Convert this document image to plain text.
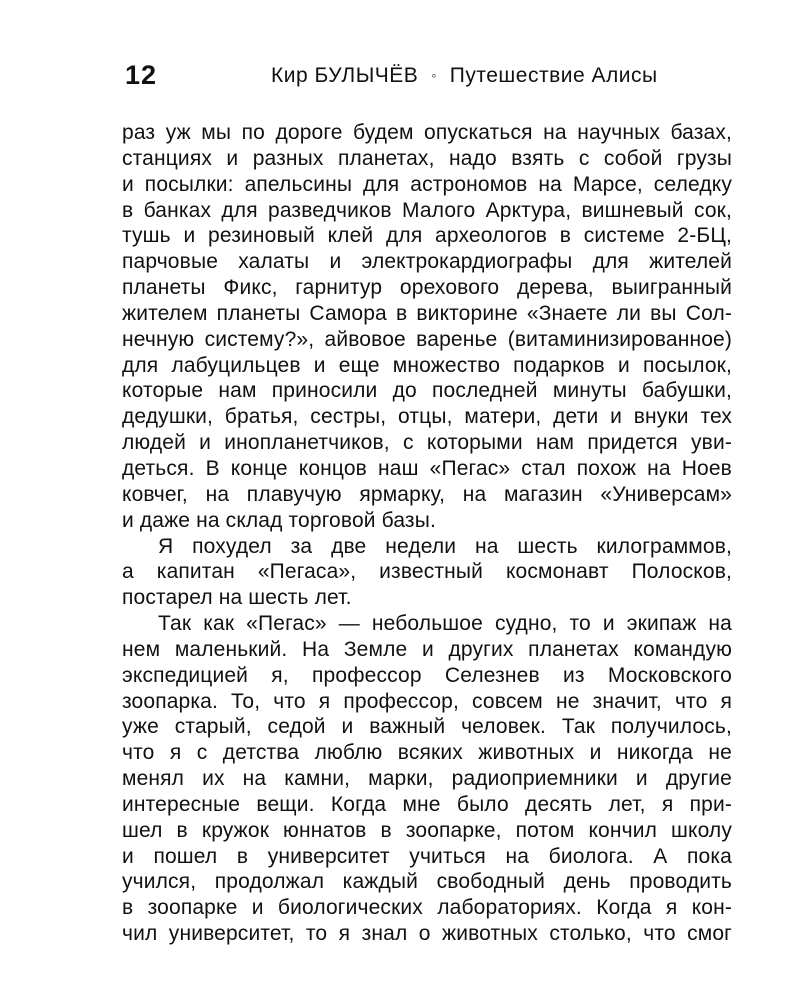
12	Кир БУЛЫЧЁВ ◦ Путешествие Алисы
раз уж мы по дороге будем опускаться на научных базах,
станциях и разных планетах, надо взять с собой грузы
и посылки: апельсины для астрономов на Марсе, селедку
в банках для разведчиков Малого Арктура, вишневый сок,
тушь и резиновый клей для археологов в системе 2-БЦ,
парчовые халаты и электрокардиографы для жителей
планеты Фикс, гарнитур орехового дерева, выигранный
жителем планеты Самора в викторине «Знаете ли вы Сол-
нечную систему?», айвовое варенье (витаминизированное)
для лабуцильцев и еще множество подарков и посылок,
которые нам приносили до последней минуты бабушки,
дедушки, братья, сестры, отцы, матери, дети и внуки тех
людей и инопланетчиков, с которыми нам придется уви-
деться. В конце концов наш «Пегас» стал похож на Ноев
ковчег, на плавучую ярмарку, на магазин «Универсам»
и даже на склад торговой базы.
Я похудел за две недели на шесть килограммов,
а капитан «Пегаса», известный космонавт Полосков,
постарел на шесть лет.
Так как «Пегас» — небольшое судно, то и экипаж на
нем маленький. На Земле и других планетах командую
экспедицией я, профессор Селезнев из Московского
зоопарка. То, что я профессор, совсем не значит, что я
уже старый, седой и важный человек. Так получилось,
что я с детства люблю всяких животных и никогда не
менял их на камни, марки, радиоприемники и другие
интересные вещи. Когда мне было десять лет, я при-
шел в кружок юннатов в зоопарке, потом кончил школу
и пошел в университет учиться на биолога. А пока
учился, продолжал каждый свободный день проводить
в зоопарке и биологических лабораториях. Когда я кон-
чил университет, то я знал о животных столько, что смог
